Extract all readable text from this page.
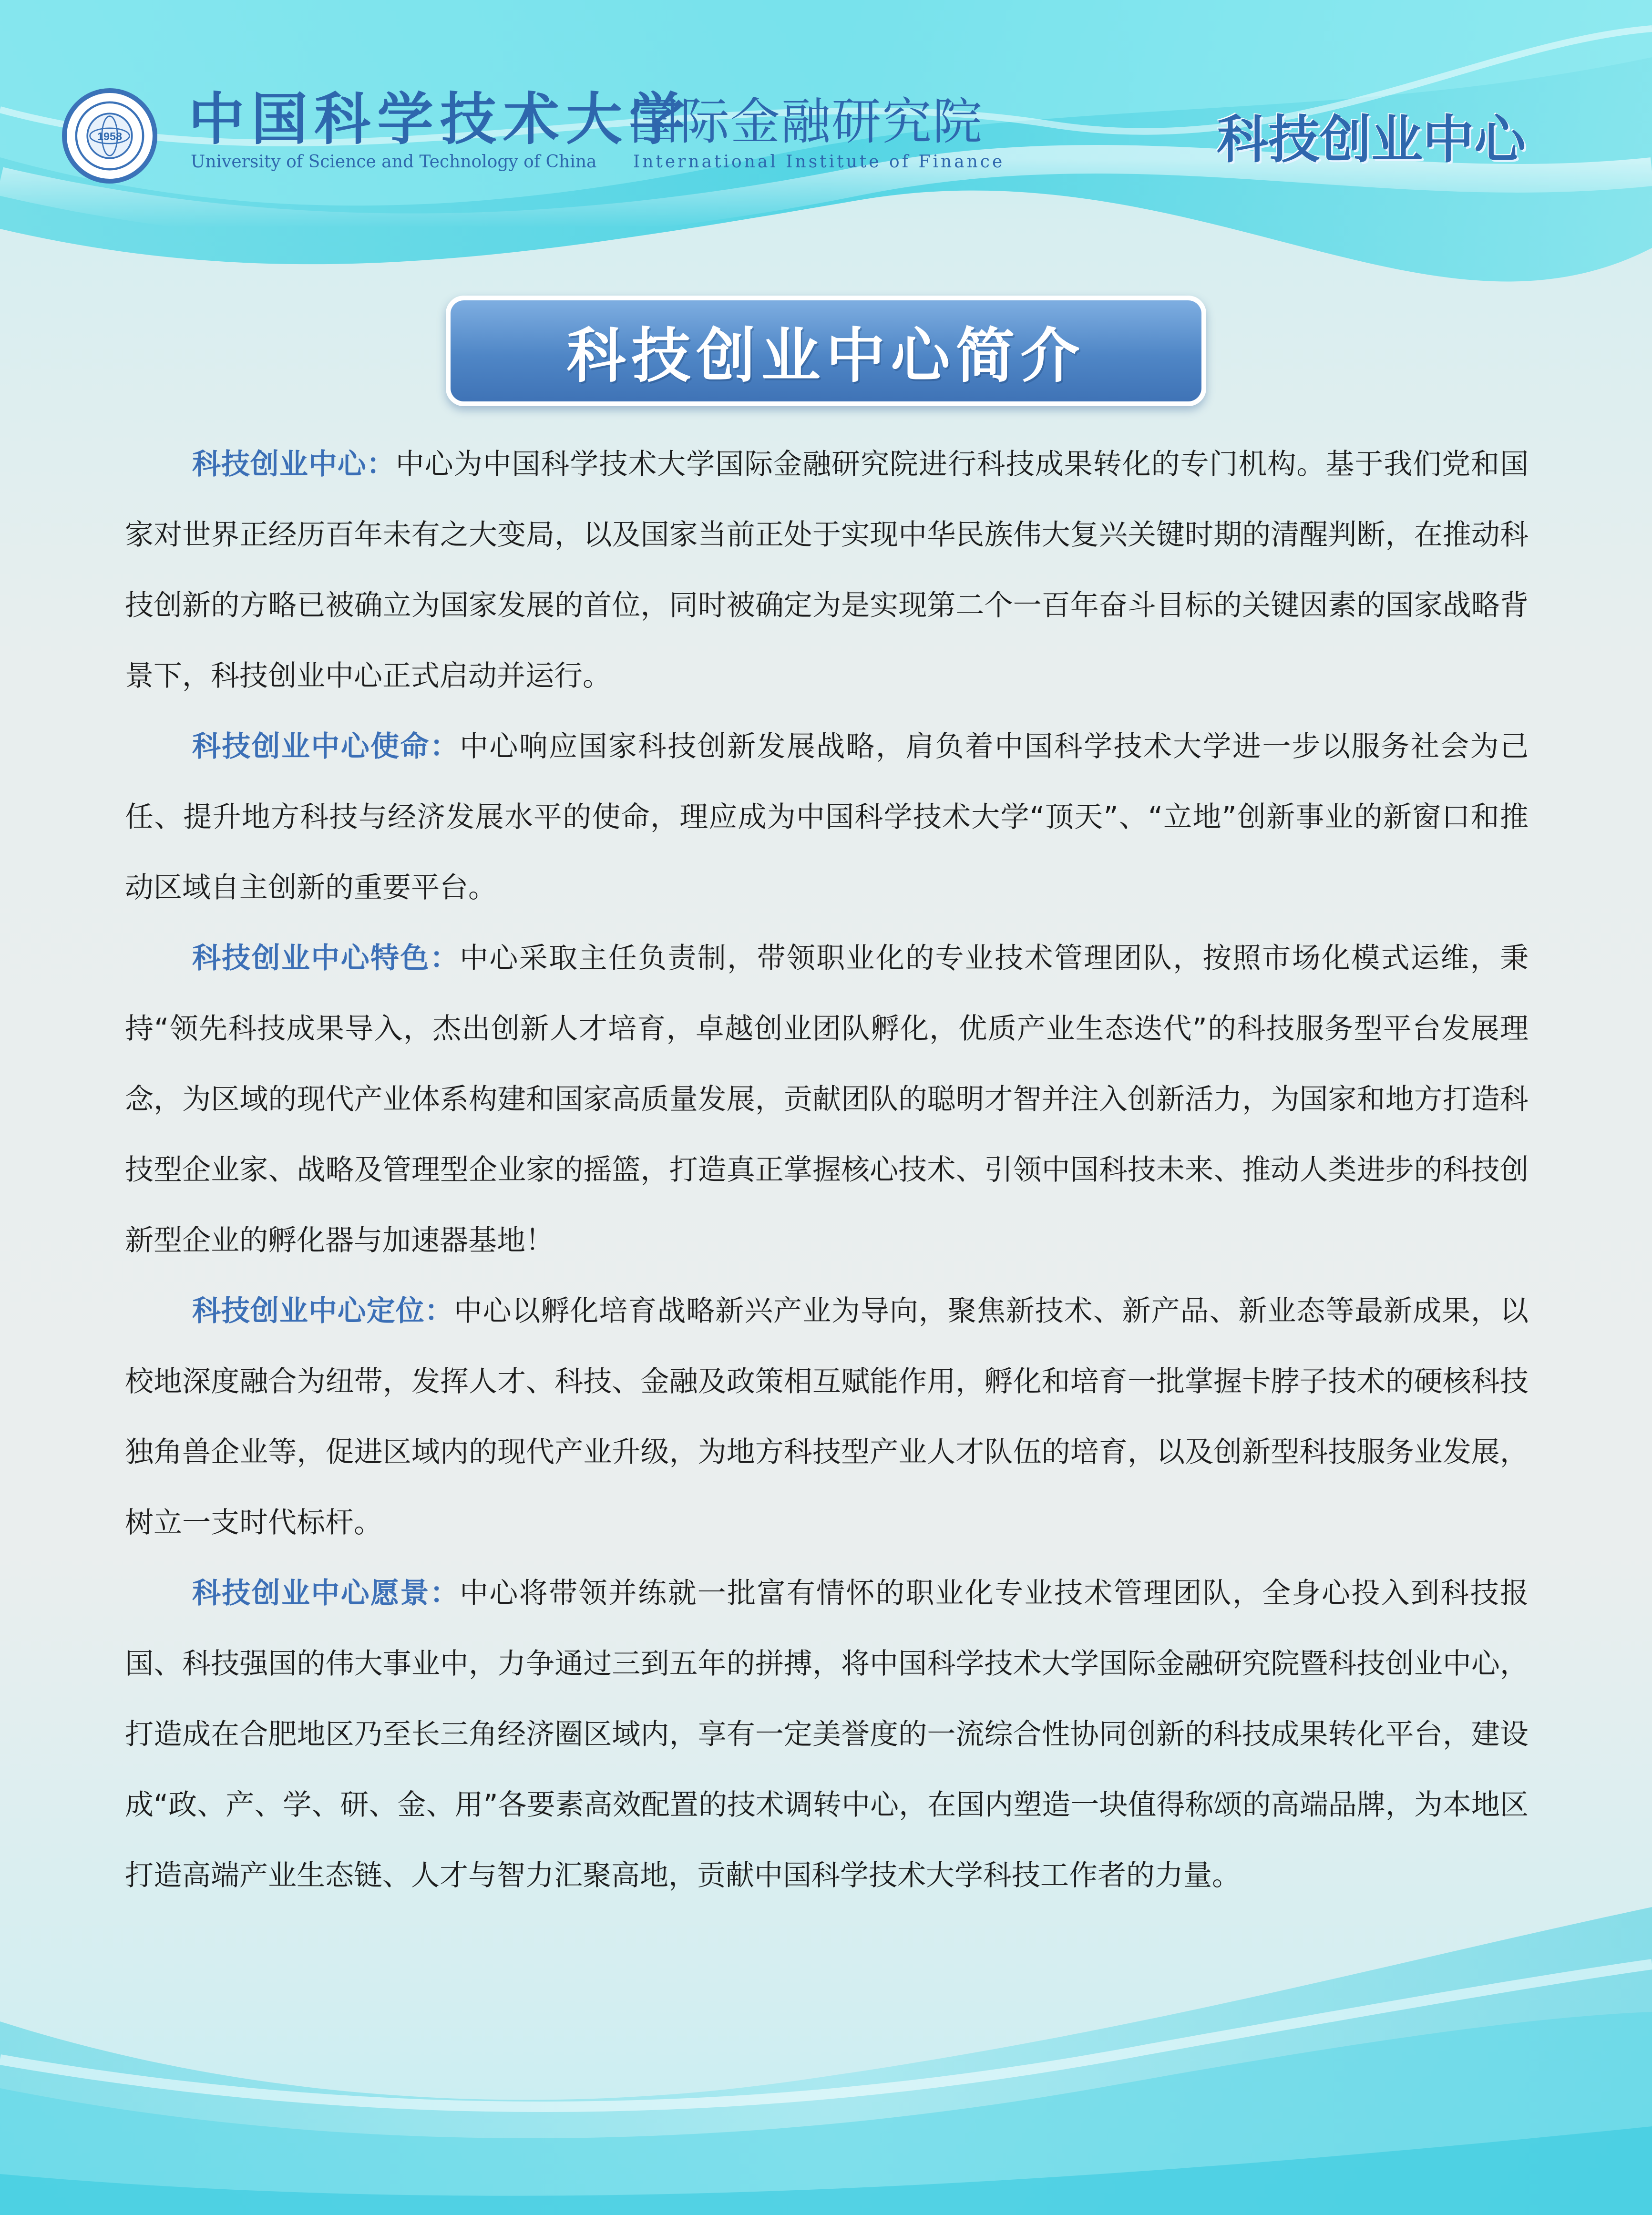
1958 中国科学技术大学
国际金融研究院
University of Science and Technology of China International Institute of Finance	科技创业中心
科技创业中心简介

科技创业中心：中心为中国科学技术大学国际金融研究院进行科技成果转化的专门机构。基于我们党和国家对世界正经历百年未有之大变局，以及国家当前正处于实现中华民族伟大复兴关键时期的清醒判断，在推动科技创新的方略已被确立为国家发展的首位，同时被确定为是实现第二个一百年奋斗目标的关键因素的国家战略背景下，科技创业中心正式启动并运行。

科技创业中心使命：中心响应国家科技创新发展战略，肩负着中国科学技术大学进一步以服务社会为己任、提升地方科技与经济发展水平的使命，理应成为中国科学技术大学“顶天”、“立地”创新事业的新窗口和推动区域自主创新的重要平台。

科技创业中心特色：中心采取主任负责制，带领职业化的专业技术管理团队，按照市场化模式运维，秉持“领先科技成果导入，杰出创新人才培育，卓越创业团队孵化，优质产业生态迭代”的科技服务型平台发展理念，为区域的现代产业体系构建和国家高质量发展，贡献团队的聪明才智并注入创新活力，为国家和地方打造科技型企业家、战略及管理型企业家的摇篮，打造真正掌握核心技术、引领中国科技未来、推动人类进步的科技创新型企业的孵化器与加速器基地！

科技创业中心定位：中心以孵化培育战略新兴产业为导向，聚焦新技术、新产品、新业态等最新成果，以校地深度融合为纽带，发挥人才、科技、金融及政策相互赋能作用，孵化和培育一批掌握卡脖子技术的硬核科技独角兽企业等，促进区域内的现代产业升级，为地方科技型产业人才队伍的培育，以及创新型科技服务业发展，树立一支时代标杆。

科技创业中心愿景：中心将带领并练就一批富有情怀的职业化专业技术管理团队，全身心投入到科技报国、科技强国的伟大事业中，力争通过三到五年的拼搏，将中国科学技术大学国际金融研究院暨科技创业中心，打造成在合肥地区乃至长三角经济圈区域内，享有一定美誉度的一流综合性协同创新的科技成果转化平台，建设成“政、产、学、研、金、用”各要素高效配置的技术调转中心，在国内塑造一块值得称颂的高端品牌，为本地区打造高端产业生态链、人才与智力汇聚高地，贡献中国科学技术大学科技工作者的力量。
